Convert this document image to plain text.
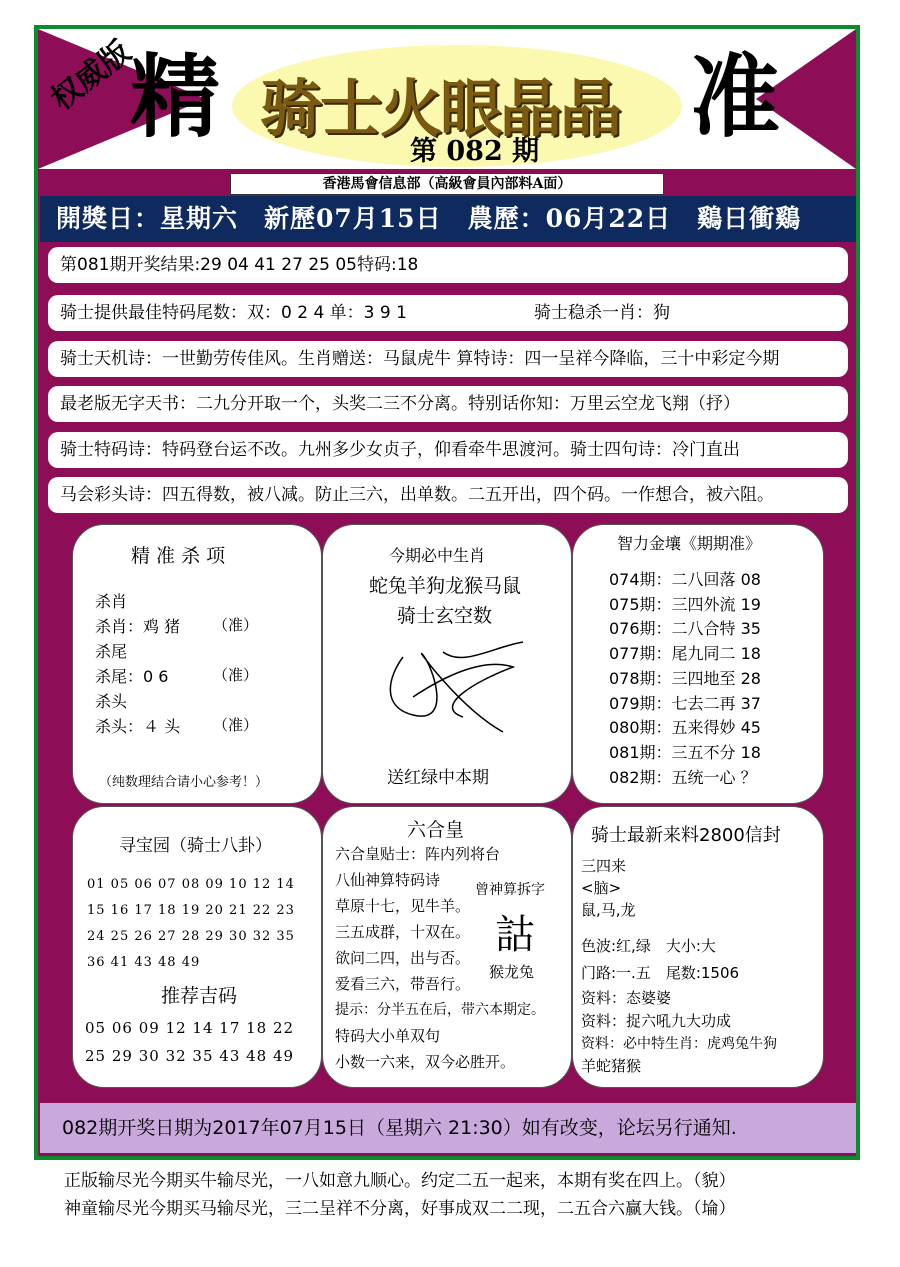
权威版
精 骑士火眼晶晶
第 082 期
准
香港馬會信息部（高級會員內部料A面）
開獎日：星期六　新歷07月15日　農歷：06月22日　鷄日衝鷄
第081期开奖结果:29 04 41 27 25 05特码:18
骑士提供最佳特码尾数：双：0 2 4 单：3 9 1	骑士稳杀一肖：狗
骑士天机诗：一世勤劳传佳风。生肖赠送：马鼠虎牛 算特诗：四一呈祥今降临，三十中彩定今期
最老版无字天书：二九分开取一个，头奖二三不分离。特别话你知：万里云空龙飞翔（抒）
骑士特码诗：特码登台运不改。九州多少女贞子，仰看牵牛思渡河。骑士四句诗：冷门直出
马会彩头诗：四五得数，被八减。防止三六，出单数。二五开出，四个码。一作想合，被六阻。
精 准 杀 项
杀肖
杀肖：鸡 猪 （准）
杀尾
杀尾：0 6	（准）
杀头
杀头：４ 头 （准）
（纯数理结合请小心参考！）
今期必中生肖
蛇兔羊狗龙猴马鼠
骑士玄空数
送红绿中本期
智力金壤《期期准》
074期：二八回落 08
075期：三四外流 19
076期：二八合特 35
077期：尾九同二 18
078期：三四地至 28
079期：七去二再 37
080期：五来得妙 45
081期：三五不分 18
082期：五统一心 ？
寻宝园（骑士八卦）
01 05 06 07 08 09 10 12 14
15 16 17 18 19 20 21 22 23
24 25 26 27 28 29 30 32 35
36 41 43 48 49
推荐吉码
05 06 09 12 14 17 18 22
25 29 30 32 35 43 48 49
六合皇
六合皇贴士：阵内列将台
八仙神算特码诗
草原十七，见牛羊。
三五成群，十双在。
欲问二四，出与否。
爱看三六，带吾行。
提示：分半五在后，带六本期定。
特码大小单双句
小数一六来，双今必胜开。
曾神算拆字
詁
猴龙兔
骑士最新来料2800信封
三四来
<脑>
鼠,马,龙
色波:红,绿　大小:大
门路:一.五　尾数:1506
资料：态婆婆
资料：捉六吼九大功成
资料：必中特生肖：虎鸡兔牛狗
羊蛇猪猴
082期开奖日期为2017年07月15日（星期六 21:30）如有改变，论坛另行通知.
正版输尽光今期买牛输尽光，一八如意九顺心。约定二五一起来，本期有奖在四上。（貌）
神童输尽光今期买马输尽光，三二呈祥不分离，好事成双二二现，二五合六赢大钱。（埨）
